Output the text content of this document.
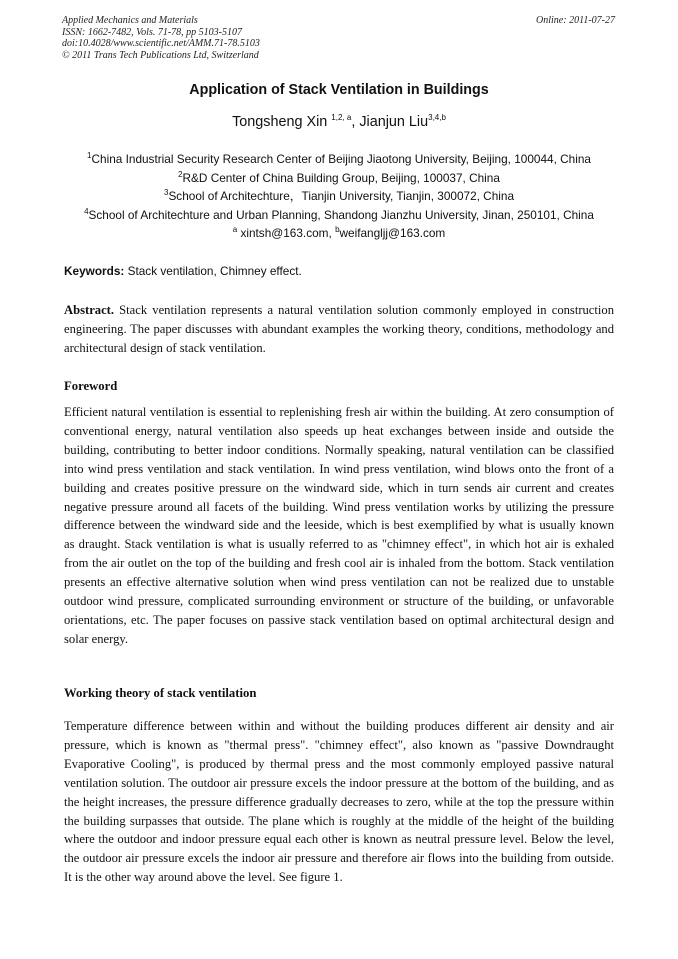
Applied Mechanics and Materials
ISSN: 1662-7482, Vols. 71-78, pp 5103-5107
doi:10.4028/www.scientific.net/AMM.71-78.5103
© 2011 Trans Tech Publications Ltd, Switzerland
Online: 2011-07-27
Application of Stack Ventilation in Buildings
Tongsheng Xin $^{1,2, a}$, Jianjun Liu$^{3,4,b}$
$^1$China Industrial Security Research Center of Beijing Jiaotong University, Beijing, 100044, China
$^2$R&D Center of China Building Group, Beijing, 100037, China
$^3$School of Architechture，Tianjin University, Tianjin, 300072, China
$^4$School of Architechture and Urban Planning, Shandong Jianzhu University, Jinan, 250101, China
$^a$ xintsh@163.com, $^b$weifangljj@163.com
Keywords: Stack ventilation, Chimney effect.
Abstract. Stack ventilation represents a natural ventilation solution commonly employed in construction engineering. The paper discusses with abundant examples the working theory, conditions, methodology and architectural design of stack ventilation.
Foreword
Efficient natural ventilation is essential to replenishing fresh air within the building. At zero consumption of conventional energy, natural ventilation also speeds up heat exchanges between inside and outside the building, contributing to better indoor conditions. Normally speaking, natural ventilation can be classified into wind press ventilation and stack ventilation. In wind press ventilation, wind blows onto the front of a building and creates positive pressure on the windward side, which in turn sends air current and creates negative pressure around all facets of the building. Wind press ventilation works by utilizing the pressure difference between the windward side and the leeside, which is best exemplified by what is usually known as draught. Stack ventilation is what is usually referred to as "chimney effect", in which hot air is exhaled from the air outlet on the top of the building and fresh cool air is inhaled from the bottom. Stack ventilation presents an effective alternative solution when wind press ventilation can not be realized due to unstable outdoor wind pressure, complicated surrounding environment or structure of the building, or unfavorable orientations, etc. The paper focuses on passive stack ventilation based on optimal architectural design and solar energy.
Working theory of stack ventilation
Temperature difference between within and without the building produces different air density and air pressure, which is known as "thermal press". "chimney effect", also known as "passive Downdraught Evaporative Cooling", is produced by thermal press and the most commonly employed passive natural ventilation solution. The outdoor air pressure excels the indoor pressure at the bottom of the building, and as the height increases, the pressure difference gradually decreases to zero, while at the top the pressure within the building surpasses that outside. The plane which is roughly at the middle of the height of the building where the outdoor and indoor pressure equal each other is known as neutral pressure level. Below the level, the outdoor air pressure excels the indoor air pressure and therefore air flows into the building from outside. It is the other way around above the level. See figure 1.
